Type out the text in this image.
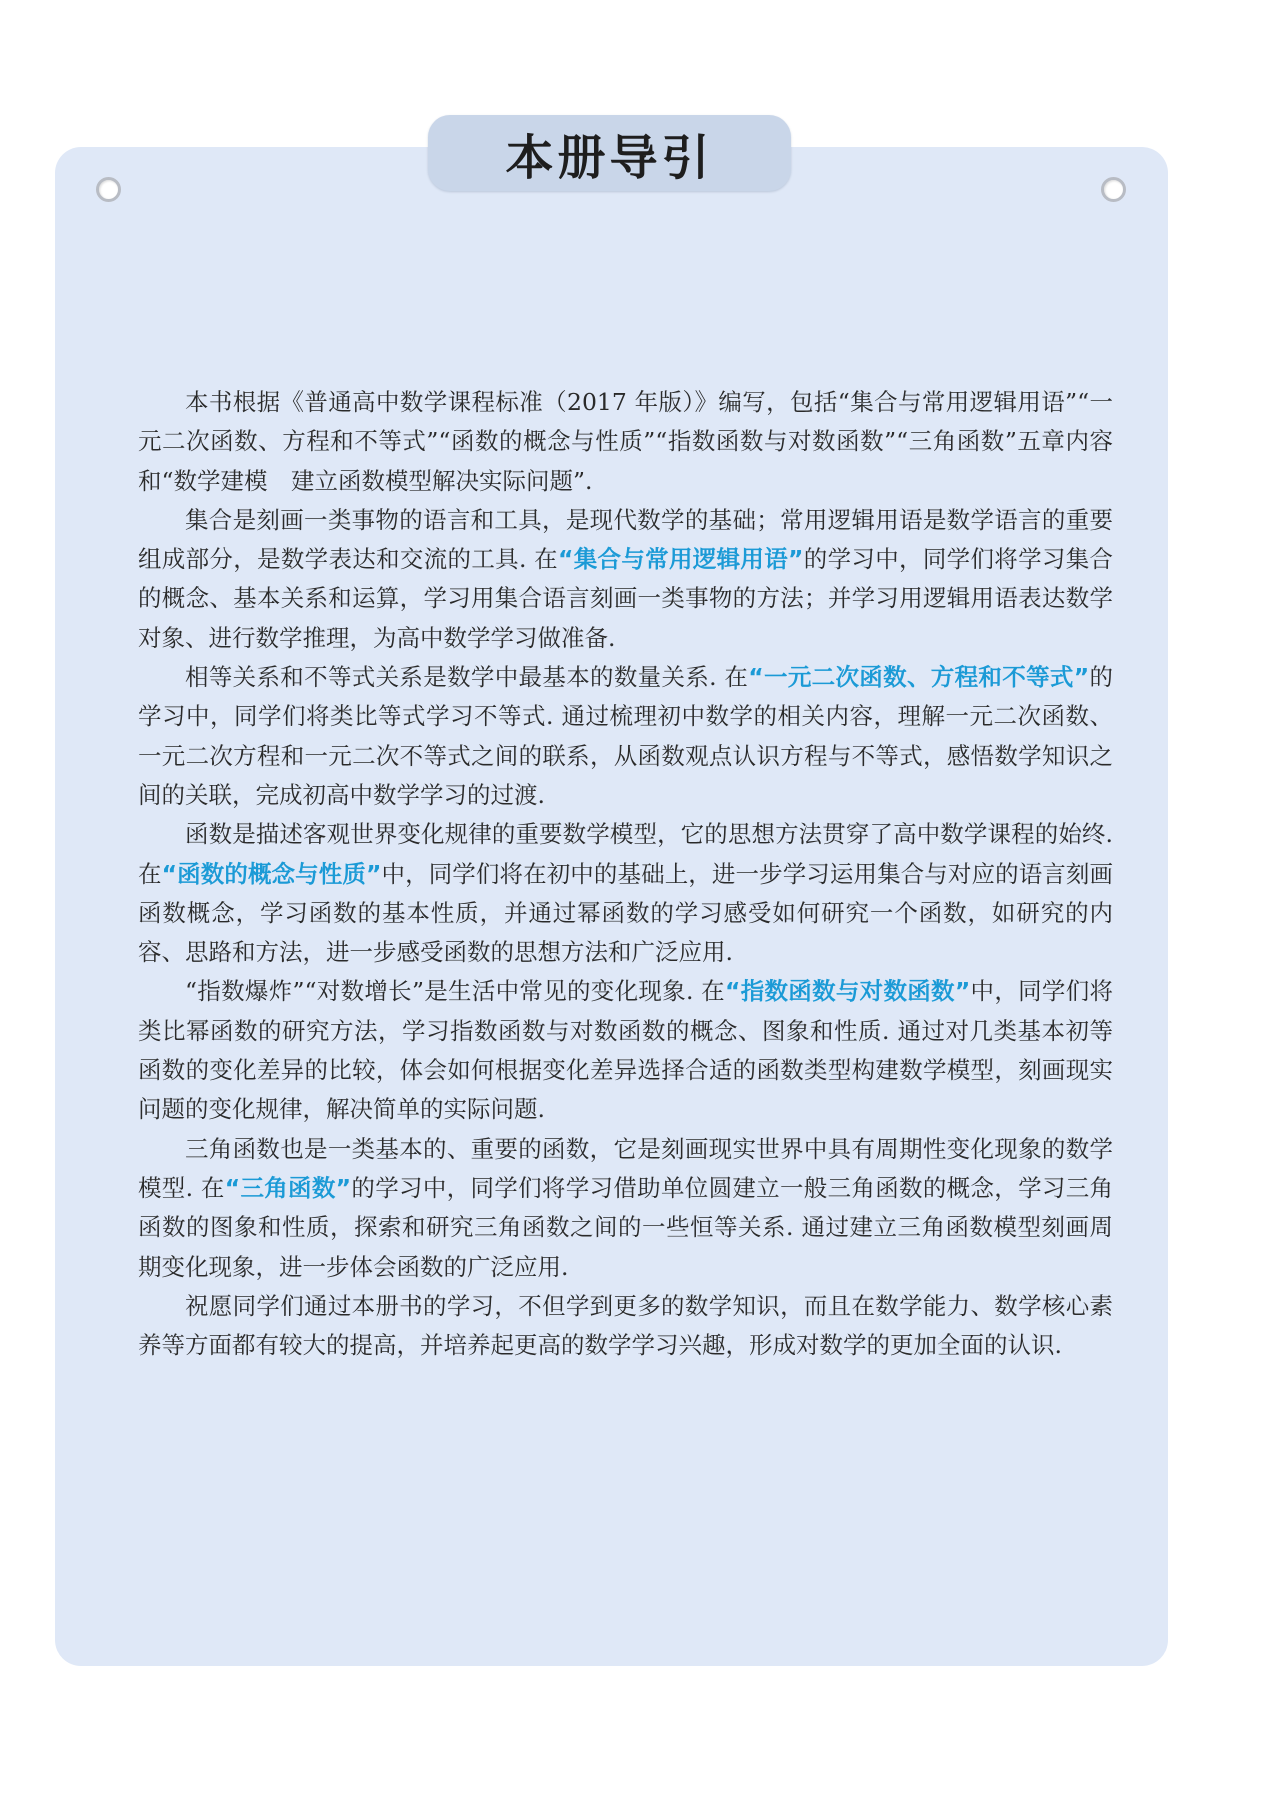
本册导引

本书根据《普通高中数学课程标准（2017 年版）》编写，包括“集合与常用逻辑用语”“一元二次函数、方程和不等式”“函数的概念与性质”“指数函数与对数函数”“三角函数”五章内容和“数学建模　建立函数模型解决实际问题”.

集合是刻画一类事物的语言和工具，是现代数学的基础；常用逻辑用语是数学语言的重要组成部分，是数学表达和交流的工具. 在“集合与常用逻辑用语”的学习中，同学们将学习集合的概念、基本关系和运算，学习用集合语言刻画一类事物的方法；并学习用逻辑用语表达数学对象、进行数学推理，为高中数学学习做准备.

相等关系和不等式关系是数学中最基本的数量关系. 在“一元二次函数、方程和不等式”的学习中，同学们将类比等式学习不等式. 通过梳理初中数学的相关内容，理解一元二次函数、一元二次方程和一元二次不等式之间的联系，从函数观点认识方程与不等式，感悟数学知识之间的关联，完成初高中数学学习的过渡.

函数是描述客观世界变化规律的重要数学模型，它的思想方法贯穿了高中数学课程的始终. 在“函数的概念与性质”中，同学们将在初中的基础上，进一步学习运用集合与对应的语言刻画函数概念，学习函数的基本性质，并通过幂函数的学习感受如何研究一个函数，如研究的内容、思路和方法，进一步感受函数的思想方法和广泛应用.

“指数爆炸”“对数增长”是生活中常见的变化现象. 在“指数函数与对数函数”中，同学们将类比幂函数的研究方法，学习指数函数与对数函数的概念、图象和性质. 通过对几类基本初等函数的变化差异的比较，体会如何根据变化差异选择合适的函数类型构建数学模型，刻画现实问题的变化规律，解决简单的实际问题.

三角函数也是一类基本的、重要的函数，它是刻画现实世界中具有周期性变化现象的数学模型. 在“三角函数”的学习中，同学们将学习借助单位圆建立一般三角函数的概念，学习三角函数的图象和性质，探索和研究三角函数之间的一些恒等关系. 通过建立三角函数模型刻画周期变化现象，进一步体会函数的广泛应用.

祝愿同学们通过本册书的学习，不但学到更多的数学知识，而且在数学能力、数学核心素养等方面都有较大的提高，并培养起更高的数学学习兴趣，形成对数学的更加全面的认识.
